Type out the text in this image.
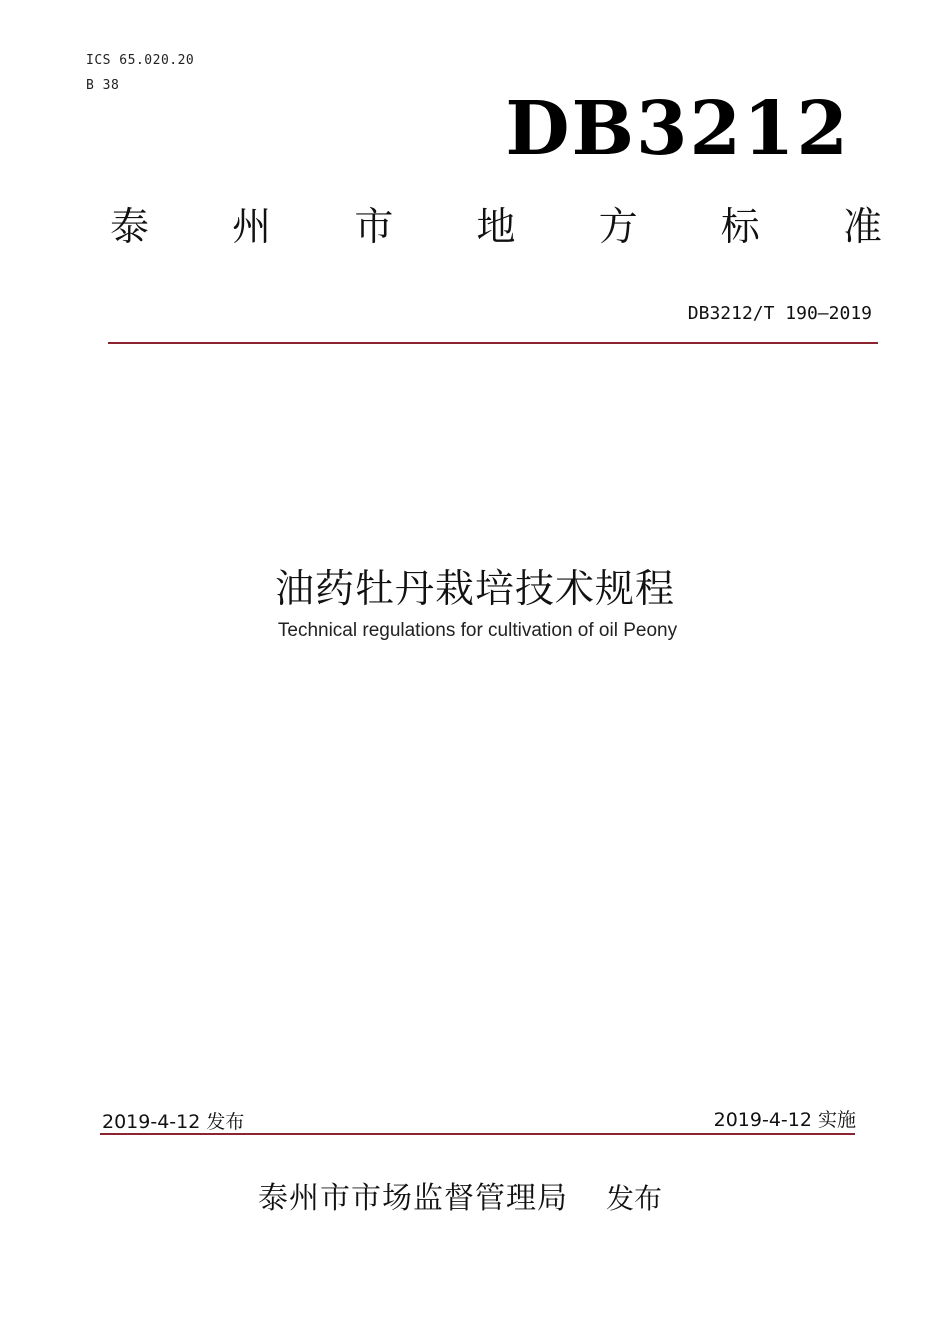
ICS 65.020.20
B 38
DB3212
泰 州 市 地 方 标 准
DB3212/T 190—2019
油药牡丹栽培技术规程
Technical regulations for cultivation of oil Peony
2019-4-12 发布	2019-4-12 实施
泰州市市场监督管理局 发布
